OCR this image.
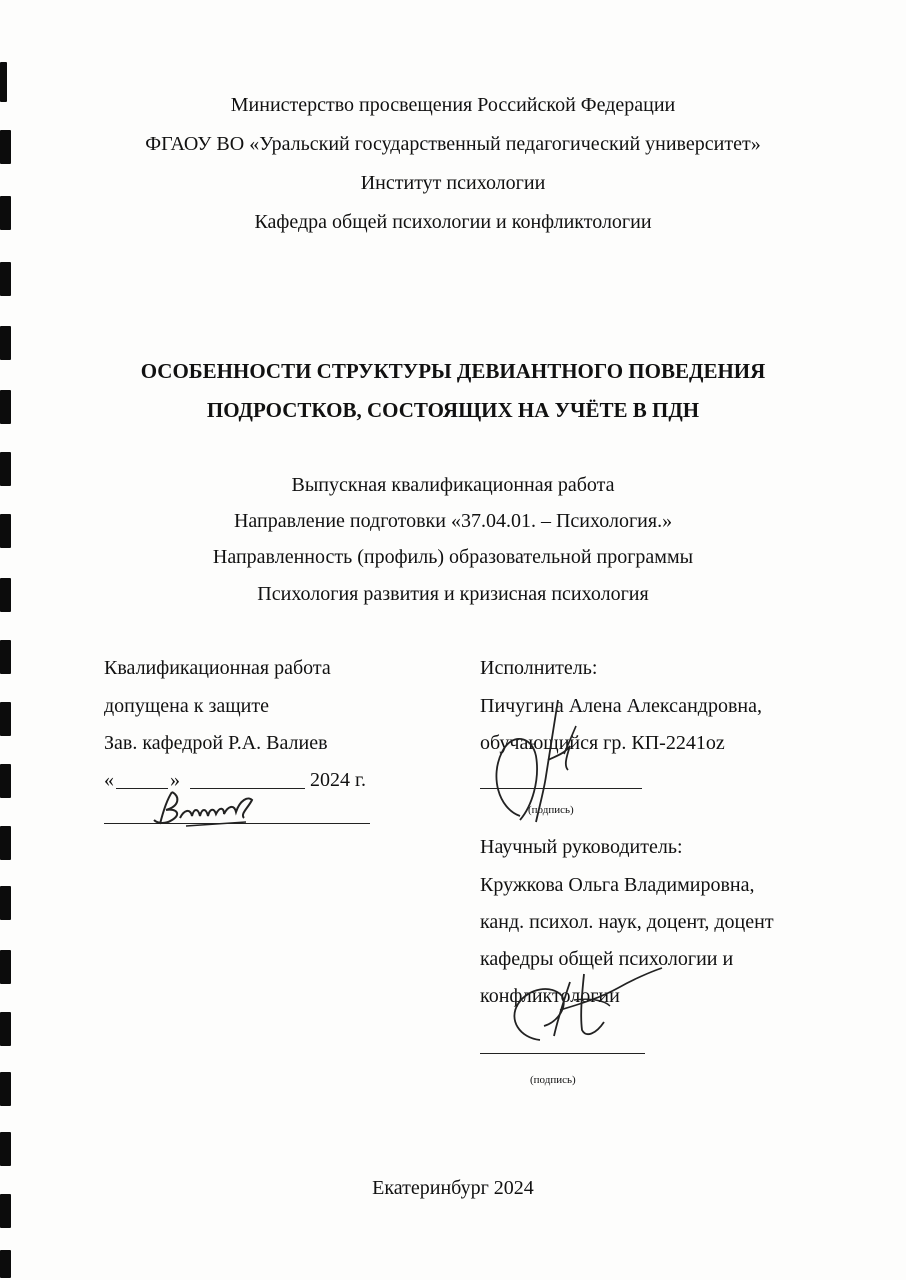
Министерство просвещения Российской Федерации
ФГАОУ ВО «Уральский государственный педагогический университет»
Институт психологии
Кафедра общей психологии и конфликтологии
ОСОБЕННОСТИ СТРУКТУРЫ ДЕВИАНТНОГО ПОВЕДЕНИЯ
ПОДРОСТКОВ, СОСТОЯЩИХ НА УЧЁТЕ В ПДН
Выпускная квалификационная работа
Направление подготовки «37.04.01. – Психология.»
Направленность (профиль) образовательной программы
Психология развития и кризисная психология
Квалификационная работа
допущена к защите
Зав. кафедрой Р.А. Валиев
«	»	2024 г.
Исполнитель:
Пичугина Алена Александровна,
обучающийся гр. КП-2241oz
(подпись)
Научный руководитель:
Кружкова Ольга Владимировна,
канд. психол. наук, доцент, доцент
кафедры общей психологии и
конфликтологии
(подпись)
Екатеринбург 2024
